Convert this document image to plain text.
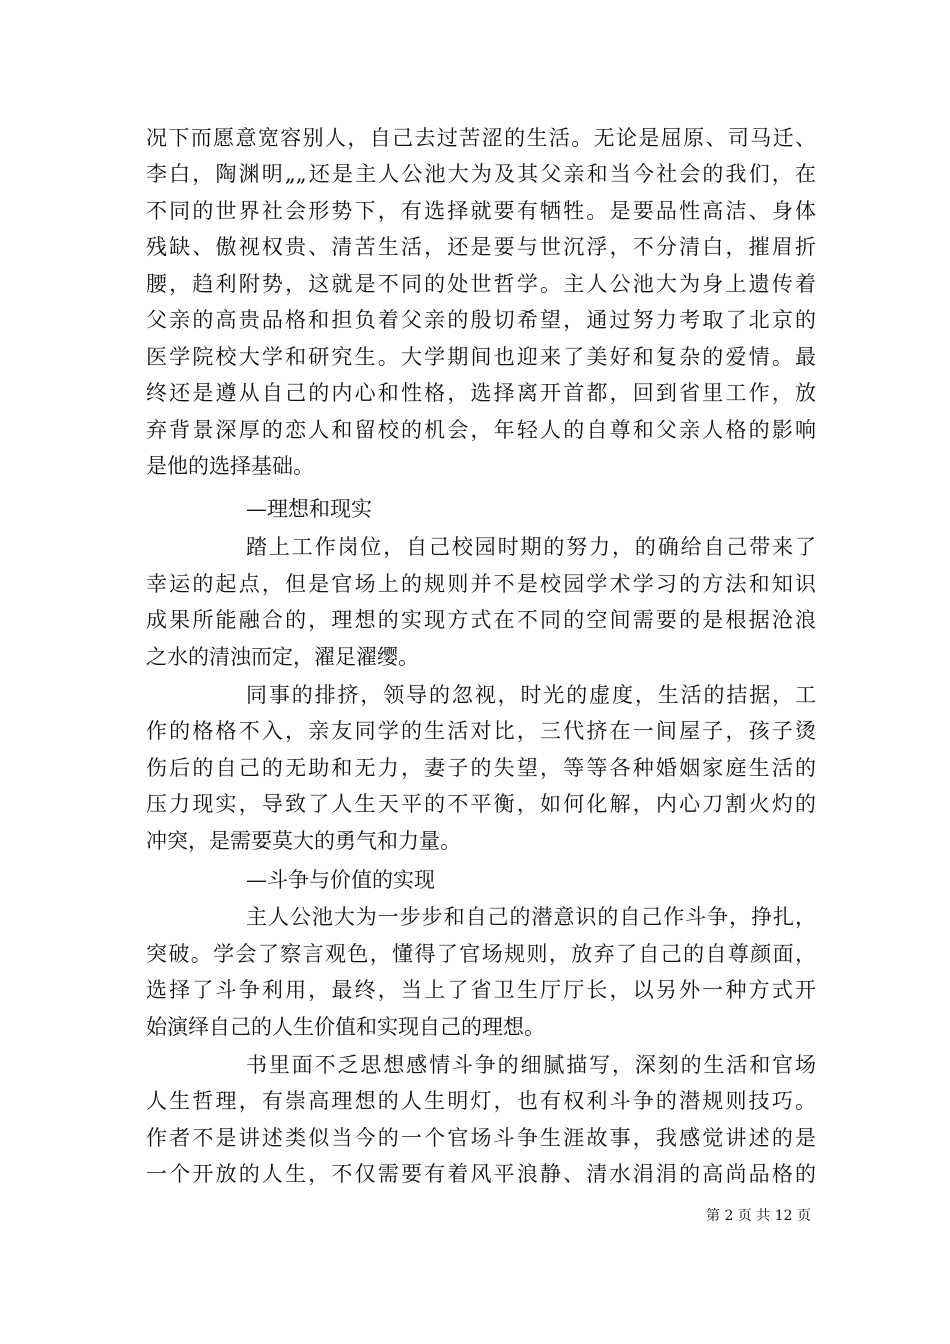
况下而愿意宽容别人，自己去过苦涩的生活。无论是屈原、司马迁、
李白，陶渊明„„还是主人公池大为及其父亲和当今社会的我们，在
不同的世界社会形势下，有选择就要有牺牲。是要品性高洁、身体
残缺、傲视权贵、清苦生活，还是要与世沉浮，不分清白，摧眉折
腰，趋利附势，这就是不同的处世哲学。主人公池大为身上遗传着
父亲的高贵品格和担负着父亲的殷切希望，通过努力考取了北京的
医学院校大学和研究生。大学期间也迎来了美好和复杂的爱情。最
终还是遵从自己的内心和性格，选择离开首都，回到省里工作，放
弃背景深厚的恋人和留校的机会，年轻人的自尊和父亲人格的影响
是他的选择基础。
—理想和现实
踏上工作岗位，自己校园时期的努力，的确给自己带来了
幸运的起点，但是官场上的规则并不是校园学术学习的方法和知识
成果所能融合的，理想的实现方式在不同的空间需要的是根据沧浪
之水的清浊而定，濯足濯缨。
同事的排挤，领导的忽视，时光的虚度，生活的拮据，工
作的格格不入，亲友同学的生活对比，三代挤在一间屋子，孩子烫
伤后的自己的无助和无力，妻子的失望，等等各种婚姻家庭生活的
压力现实，导致了人生天平的不平衡，如何化解，内心刀割火灼的
冲突，是需要莫大的勇气和力量。
—斗争与价值的实现
主人公池大为一步步和自己的潜意识的自己作斗争，挣扎，
突破。学会了察言观色，懂得了官场规则，放弃了自己的自尊颜面，
选择了斗争利用，最终，当上了省卫生厅厅长，以另外一种方式开
始演绎自己的人生价值和实现自己的理想。
书里面不乏思想感情斗争的细腻描写，深刻的生活和官场
人生哲理，有崇高理想的人生明灯，也有权利斗争的潜规则技巧。
作者不是讲述类似当今的一个官场斗争生涯故事，我感觉讲述的是
一个开放的人生，不仅需要有着风平浪静、清水涓涓的高尚品格的
第 2 页 共 12 页
